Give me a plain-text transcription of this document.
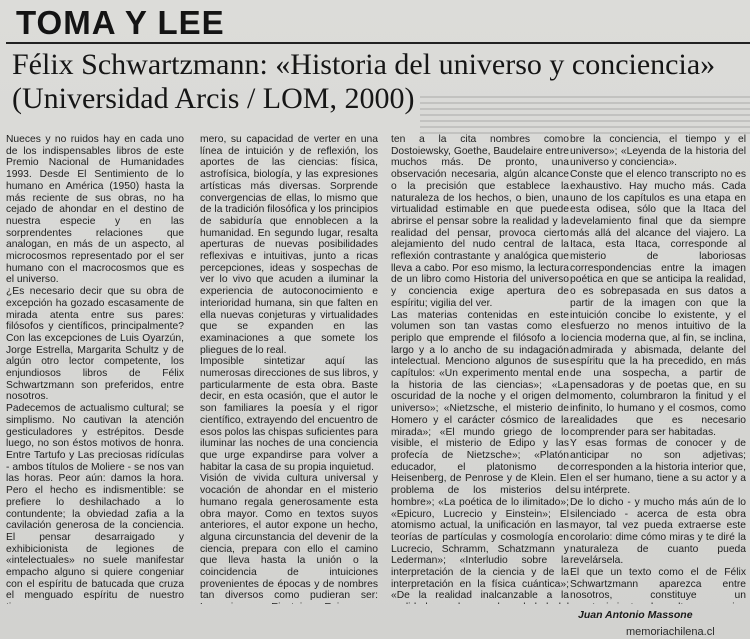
TOMA Y LEE
Félix Schwartzmann: «Historia del universo y conciencia»
(Universidad Arcis / LOM, 2000)

Nueces y no ruidos hay en cada uno de los indispensables libros de este Premio Nacional de Humanidades 1993. Desde El Sentimiento de lo humano en América (1950) hasta la más reciente de sus obras, no ha cejado de ahondar en el destino de nuestra especie y en las sorprendentes relaciones que analogan, en más de un aspecto, al microcosmos representado por el ser humano con el macrocosmos que es el universo.

¿Es necesario decir que su obra de excepción ha gozado escasamente de mirada atenta entre sus pares: filósofos y científicos, principalmente? Con las excepciones de Luis Oyarzún, Jorge Estrella, Margarita Schultz y de algún otro lector competente, los enjundiosos libros de Félix Schwartzmann son preferidos, entre nosotros.

Padecemos de actualismo cultural; se simplismo. No cautivan la atención gesticuladores y estrépitos. Desde luego, no son éstos motivos de honra. Entre Tartufo y Las preciosas ridículas - ambos títulos de Moliere - se nos van las horas. Peor aún: damos la hora. Pero el hecho es indismentible: se prefiere lo deshilachado a lo contundente; la obviedad zafia a la cavilación generosa de la conciencia. El pensar desarraigado y exhibicionista de legiones de «intelectuales» no suele manifestar empacho alguno si quiere congeniar con el espíritu de batucada que cruza el menguado espíritu de nuestro

mero, su capacidad de verter en una línea de intuición y de reflexión, los aportes de las ciencias: física, astrofísica, biología, y las expresiones artísticas más diversas. Sorprende convergencias de ellas, lo mismo que de la tradición filosófica y los principios de sabiduría que ennoblecen a la humanidad. En segundo lugar, resalta aperturas de nuevas posibilidades reflexivas e intuitivas, junto a ricas percepciones, ideas y sospechas de ver lo vivo que acuden a iluminar la experiencia de autoconocimiento e interioridad humana, sin que falten en ella nuevas conjeturas y virtualidades que se expanden en las examinaciones a que somete los pliegues de lo real.

Imposible sintetizar aquí las numerosas direcciones de sus libros, y particularmente de esta obra. Baste decir, en esta ocasión, que el autor le son familiares la poesía y el rigor científico, extrayendo del encuentro de esos polos las chispas suficientes para iluminar las noches de una conciencia que urge expandirse para volver a habitar la casa de su propia inquietud.

Visión de vivida cultura universal y vocación de ahondar en el misterio humano regala generosamente esta obra mayor. Como en textos suyos anteriores, el autor expone un hecho, alguna circunstancia del devenir de la ciencia, prepara con ello el camino que lleva hasta la unión o la coincidencia de intuiciones provenientes de épocas y de nombres tan diversos como pudieran ser:

ten a la cita nombres como Dostoiewsky, Goethe, Baudelaire entre muchos más. De pronto, una observación necesaria, algún alcance o la precisión que establece la naturaleza de los hechos, o bien, una virtualidad estimable en que puede abrirse el pensar sobre la realidad y la realidad del pensar, provoca cierto alejamiento del nudo central de la reflexión contrastante y analógica que lleva a cabo. Por eso mismo, la lectura de un libro como Historia del universo y conciencia exige apertura de espíritu; vigilia del ver.

Las materias contenidas en este volumen son tan vastas como el periplo que emprende el filósofo a lo largo y a lo ancho de su indagación intelectual. Menciono algunos de sus capítulos: «Un experimento mental en la historia de las ciencias»; «La oscuridad de la noche y el origen del universo»; «Nietzsche, el misterio de Homero y el carácter cósmico de la mirada»; «El mundo griego de lo visible, el misterio de Edipo y las profecía de Nietzsche»; «Platón educador, el platonismo de Heisenberg, de Penrose y de Klein. El problema de los misterios del hombre»; «La poética de lo ilimitado»; «Epicuro, Lucrecio y Einstein»; El atomismo actual, la unificación en las teorías de partículas y cosmología en Lucrecio, Schramm, Schatzmann y Lederman»; «Interludio sobre la interpretación de la ciencia y de la interpretación en la física cuántica»; «De la realidad inalcanzable a la

bre la conciencia, el tiempo y el universo»; «Leyenda de la historia del universo y conciencia».

Conste que el elenco transcripto no es exhaustivo. Hay mucho más. Cada uno de los capítulos es una etapa en esta odisea, sólo que la Itaca del develamiento final que da siempre más allá del alcance del viajero. La Itaca, esta Itaca, corresponde al misterio de laboriosas correspondencias entre la imagen poética en que se anticipa la realidad, o es sobrepasada en sus datos a partir de la imagen con que la intuición concibe lo existente, y el esfuerzo no menos intuitivo de la ciencia moderna que, al fin, se inclina, admirada y abismada, delante del espíritu que la ha precedido, en más de una sospecha, a partir de pensadoras y de poetas que, en su momento, columbraron la finitud y el infinito, lo humano y el cosmos, como realidades que es necesario comprender para ser habitadas.

Y esas formas de conocer y de anticipar no son adjetivas; corresponden a la historia interior que, en el ser humano, tiene a su actor y a su intérprete.

De lo dicho - y mucho más aún de lo silenciado - acerca de esta obra mayor, tal vez pueda extraerse este corolario: dime cómo miras y te diré la naturaleza de cuanto pueda revelársela.

El que un texto como el de Félix Schwartzmann aparezca entre nosotros, constituye un

Juan Antonio Massone
memoriachilena.cl
